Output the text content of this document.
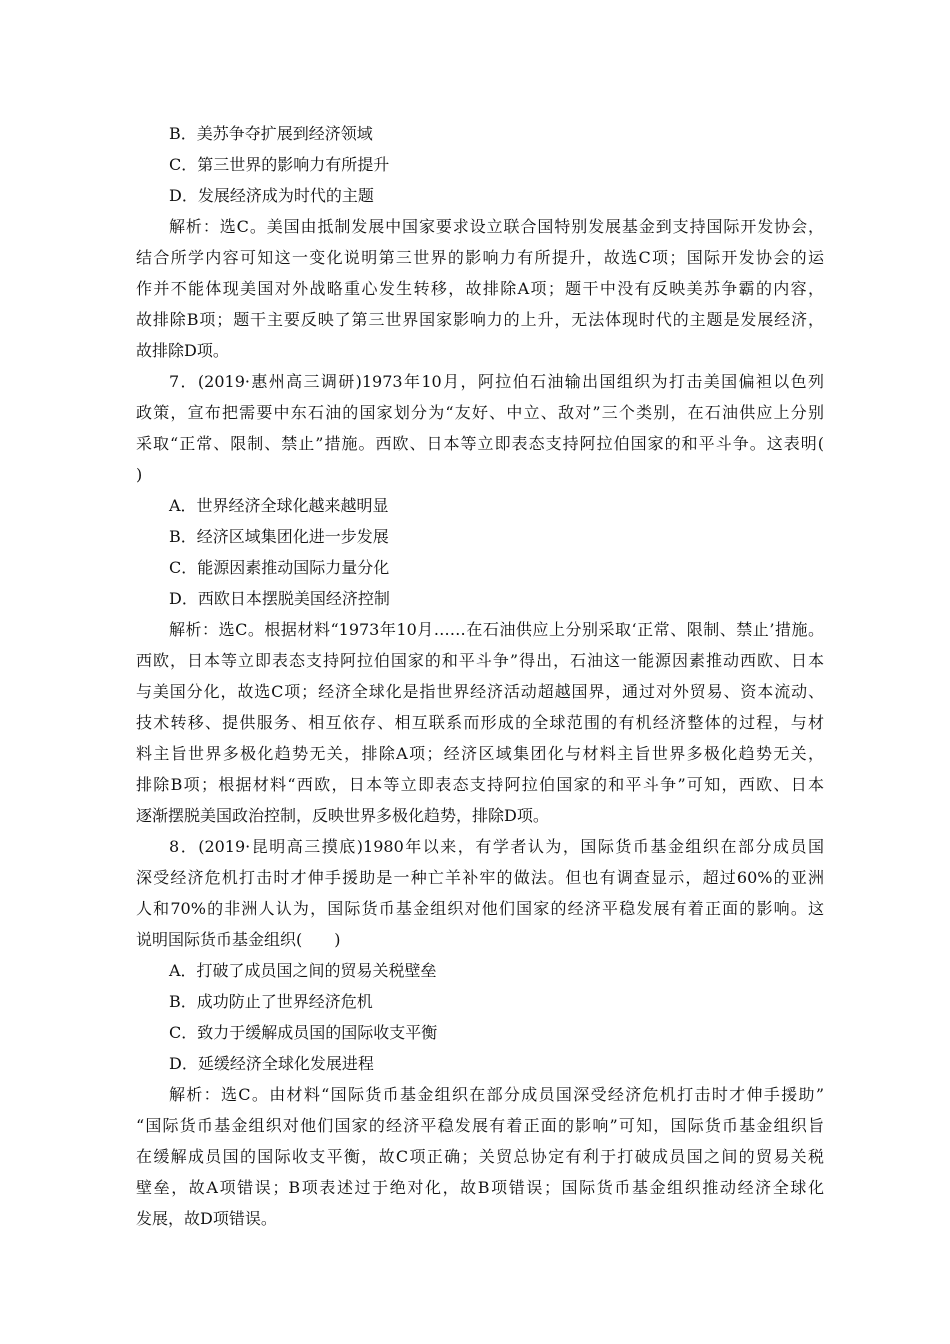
B．美苏争夺扩展到经济领域
C．第三世界的影响力有所提升
D．发展经济成为时代的主题
解析：选C。美国由抵制发展中国家要求设立联合国特别发展基金到支持国际开发协会，
结合所学内容可知这一变化说明第三世界的影响力有所提升，故选C项；国际开发协会的运
作并不能体现美国对外战略重心发生转移，故排除A项；题干中没有反映美苏争霸的内容，
故排除B项；题干主要反映了第三世界国家影响力的上升，无法体现时代的主题是发展经济，
故排除D项。
7．(2019·惠州高三调研)1973年10月，阿拉伯石油输出国组织为打击美国偏袒以色列
政策，宣布把需要中东石油的国家划分为“友好、中立、敌对”三个类别，在石油供应上分别
采取“正常、限制、禁止”措施。西欧、日本等立即表态支持阿拉伯国家的和平斗争。这表明(
)
A．世界经济全球化越来越明显
B．经济区域集团化进一步发展
C．能源因素推动国际力量分化
D．西欧日本摆脱美国经济控制
解析：选C。根据材料“1973年10月……在石油供应上分别采取‘正常、限制、禁止’措施。
西欧，日本等立即表态支持阿拉伯国家的和平斗争”得出，石油这一能源因素推动西欧、日本
与美国分化，故选C项；经济全球化是指世界经济活动超越国界，通过对外贸易、资本流动、
技术转移、提供服务、相互依存、相互联系而形成的全球范围的有机经济整体的过程，与材
料主旨世界多极化趋势无关，排除A项；经济区域集团化与材料主旨世界多极化趋势无关，
排除B项；根据材料“西欧，日本等立即表态支持阿拉伯国家的和平斗争”可知，西欧、日本
逐渐摆脱美国政治控制，反映世界多极化趋势，排除D项。
8．(2019·昆明高三摸底)1980年以来，有学者认为，国际货币基金组织在部分成员国
深受经济危机打击时才伸手援助是一种亡羊补牢的做法。但也有调查显示，超过60%的亚洲
人和70%的非洲人认为，国际货币基金组织对他们国家的经济平稳发展有着正面的影响。这
说明国际货币基金组织(　　)
A．打破了成员国之间的贸易关税壁垒
B．成功防止了世界经济危机
C．致力于缓解成员国的国际收支平衡
D．延缓经济全球化发展进程
解析：选C。由材料“国际货币基金组织在部分成员国深受经济危机打击时才伸手援助”
“国际货币基金组织对他们国家的经济平稳发展有着正面的影响”可知，国际货币基金组织旨
在缓解成员国的国际收支平衡，故C项正确；关贸总协定有利于打破成员国之间的贸易关税
壁垒，故A项错误；B项表述过于绝对化，故B项错误；国际货币基金组织推动经济全球化
发展，故D项错误。
